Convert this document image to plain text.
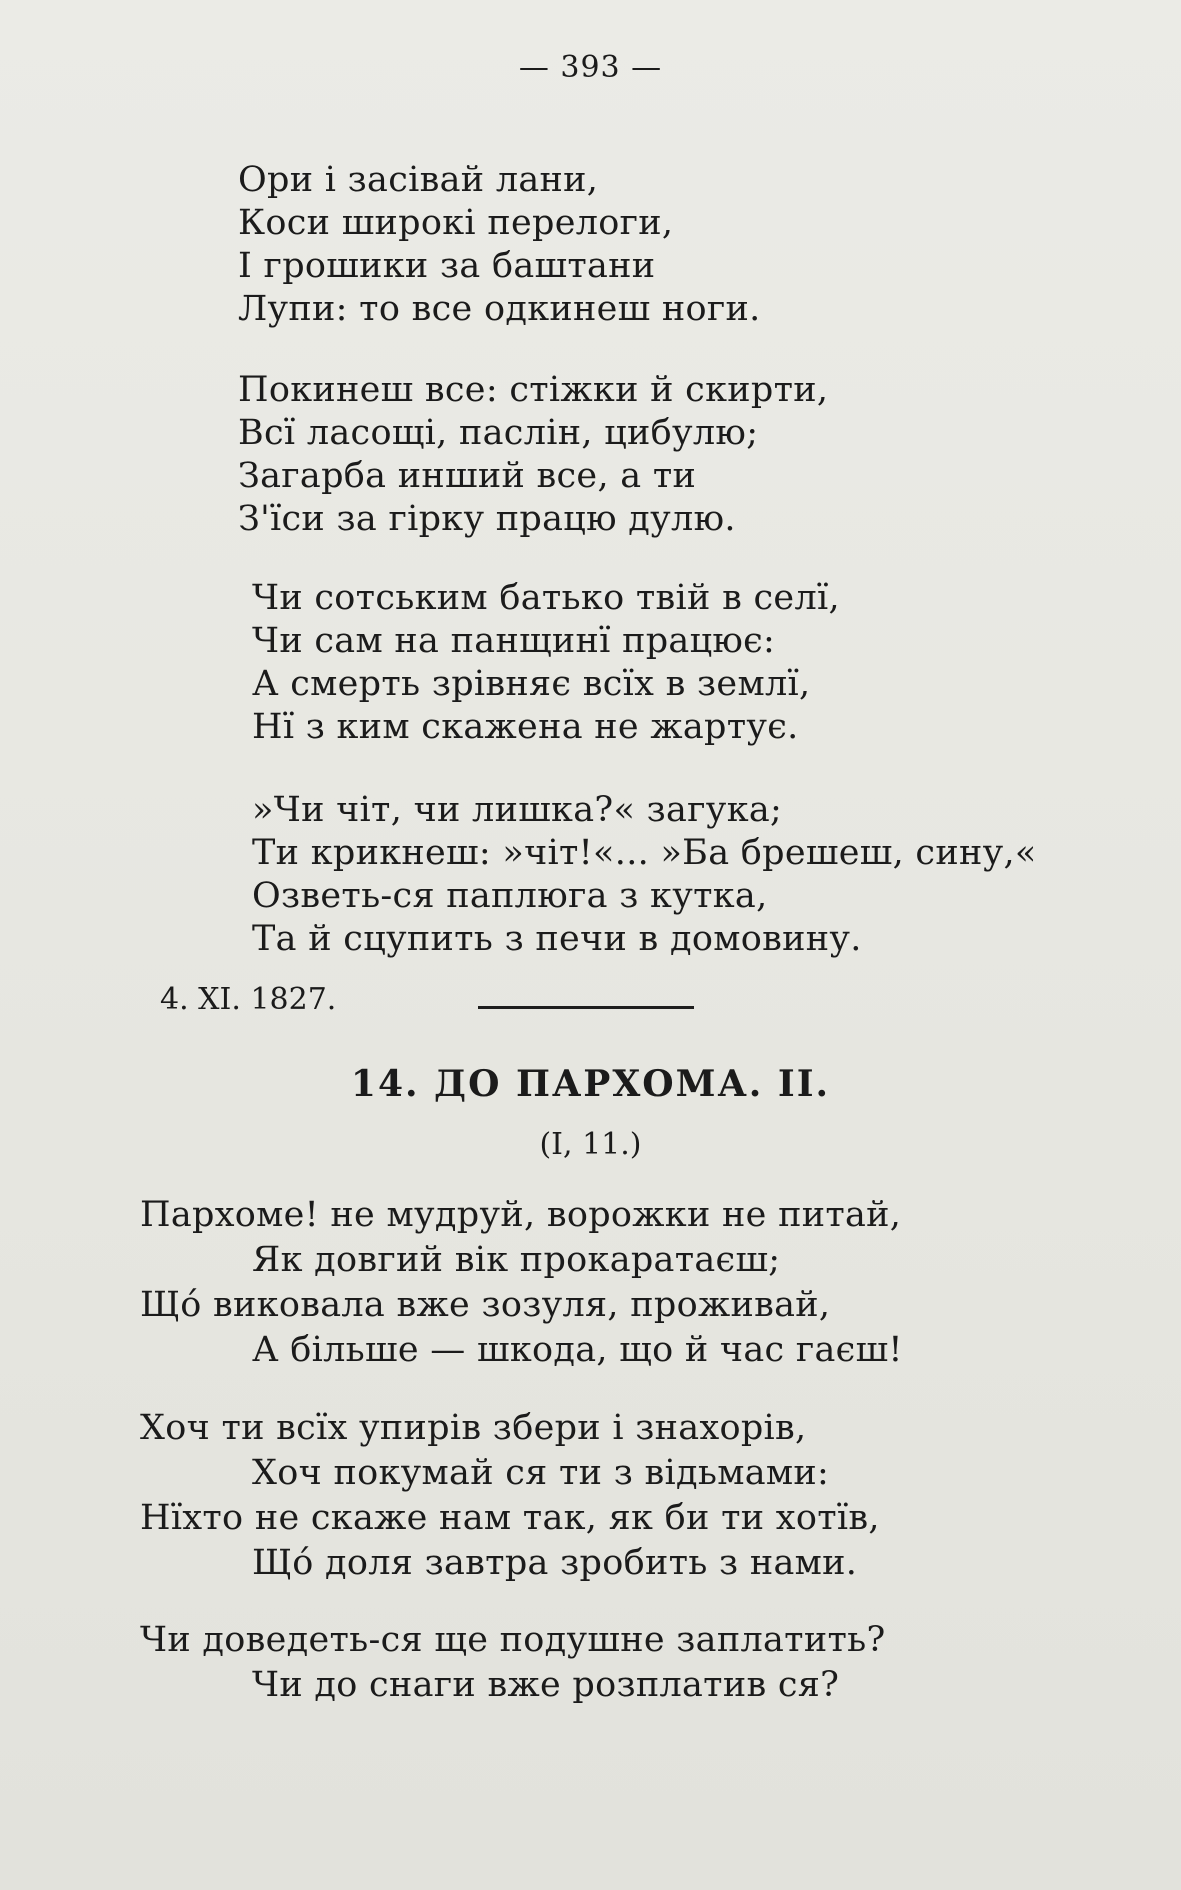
— 393 —
Ори і засівай лани,
Коси широкі перелоги,
І грошики за баштани
Лупи: то все одкинеш ноги.
Покинеш все: стіжки й скирти,
Всї ласощі, паслін, цибулю;
Загарба инший все, а ти
З'їси за гірку працю дулю.
Чи сотським батько твій в селї,
Чи сам на панщинї працює:
А смерть зрівняє всїх в землї,
Нї з ким скажена не жартує.
»Чи чіт, чи лишка?« загука;
Ти крикнеш: »чіт!«... »Ба брешеш, сину,«
Озветь-ся паплюга з кутка,
Та й сцупить з печи в домовину.
4. XI. 1827.
14. ДО ПАРХОМА. II.
(I, 11.)
Пархоме! не мудруй, ворожки не питай,
Як довгий вік прокаратаєш;
Щó виковала вже зозуля, проживай,
А більше — шкода, що й час гаєш!
Хоч ти всїх упирів збери і знахорів,
Хоч покумай ся ти з відьмами:
Нїхто не скаже нам так, як би ти хотїв,
Щó доля завтра зробить з нами.
Чи доведеть-ся ще подушне заплатить?
Чи до снаги вже розплатив ся?
